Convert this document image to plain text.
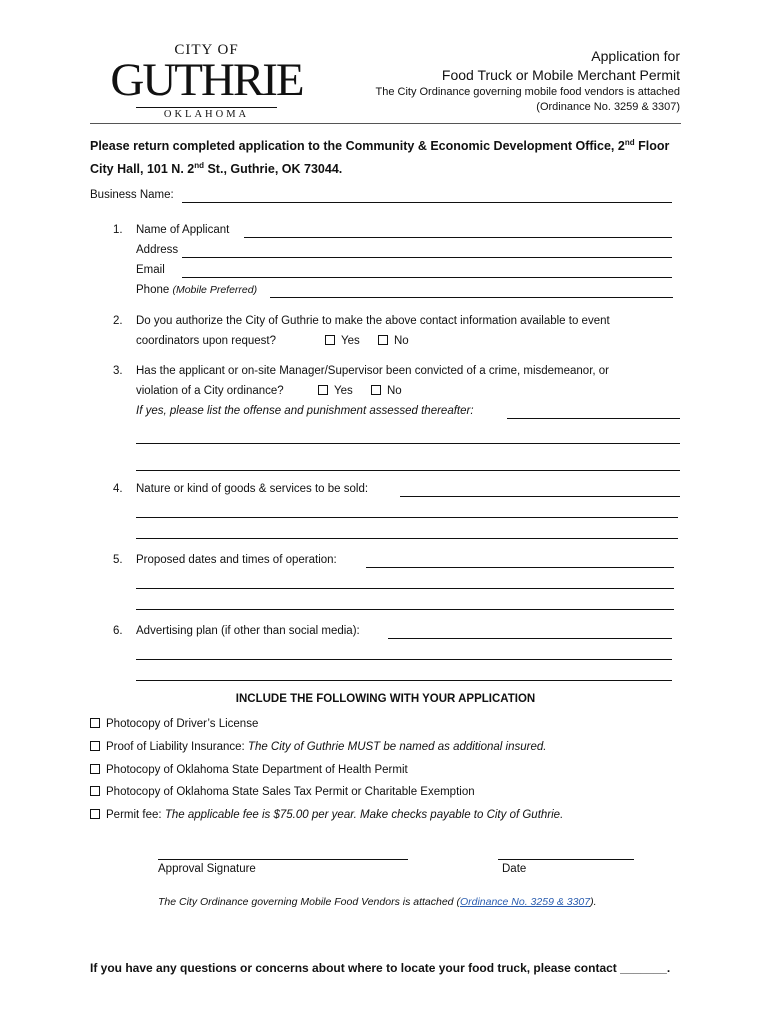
CITY OF
GUTHRIE
OKLAHOMA
Application for
Food Truck or Mobile Merchant Permit
The City Ordinance governing mobile food vendors is attached
(Ordinance No. 3259 & 3307)
Please return completed application to the Community & Economic Development Office, 2nd Floor City Hall, 101 N. 2nd St., Guthrie, OK 73044.
Business Name:
1. Name of Applicant
Address
Email
Phone (Mobile Preferred)
2. Do you authorize the City of Guthrie to make the above contact information available to event
coordinators upon request?	Yes	No
3. Has the applicant or on-site Manager/Supervisor been convicted of a crime, misdemeanor, or
violation of a City ordinance?	Yes	No
If yes, please list the offense and punishment assessed thereafter:
4. Nature or kind of goods & services to be sold:
5. Proposed dates and times of operation:
6. Advertising plan (if other than social media):
INCLUDE THE FOLLOWING WITH YOUR APPLICATION
Photocopy of Driver’s License
Proof of Liability Insurance: The City of Guthrie MUST be named as additional insured.
Photocopy of Oklahoma State Department of Health Permit
Photocopy of Oklahoma State Sales Tax Permit or Charitable Exemption
Permit fee: The applicable fee is $75.00 per year. Make checks payable to City of Guthrie.
Approval Signature	Date
The City Ordinance governing Mobile Food Vendors is attached (Ordinance No. 3259 & 3307).
If you have any questions or concerns about where to locate your food truck, please contact _______.
